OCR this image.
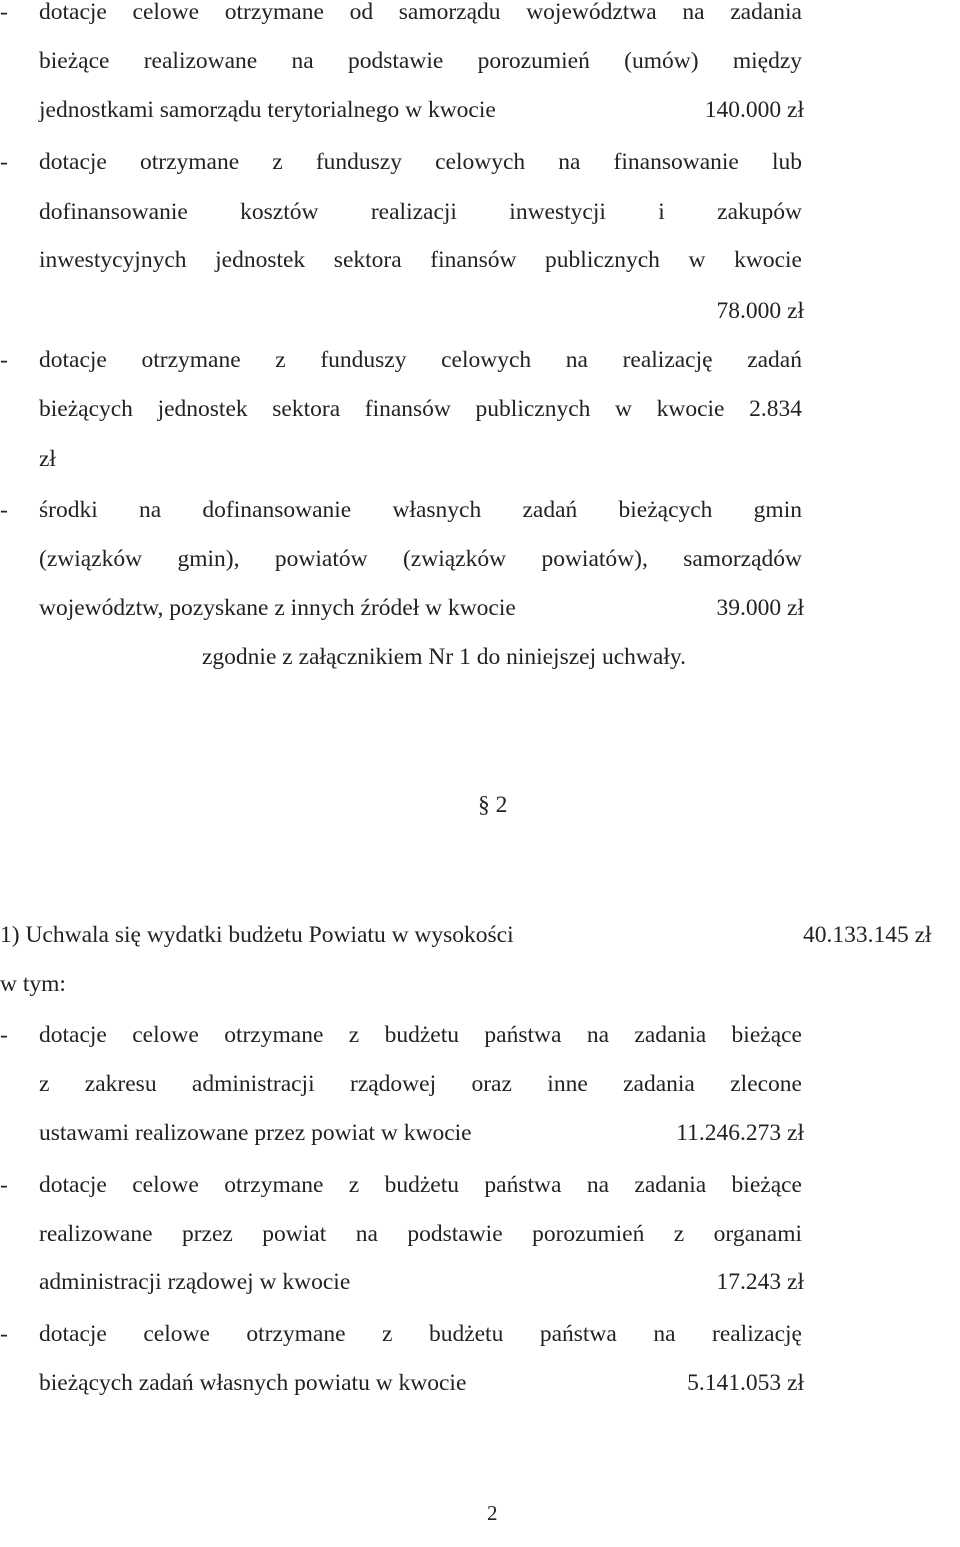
- dotacje celowe otrzymane od samorządu województwa na zadania
bieżące realizowane na podstawie porozumień (umów) między
jednostkami samorządu terytorialnego w kwocie	140.000 zł
- dotacje otrzymane z funduszy celowych na finansowanie lub
dofinansowanie kosztów realizacji inwestycji i zakupów
inwestycyjnych jednostek sektora finansów publicznych w kwocie
78.000 zł
- dotacje otrzymane z funduszy celowych na realizację zadań
bieżących jednostek sektora finansów publicznych w kwocie 2.834
zł
- środki na dofinansowanie własnych zadań bieżących gmin
(związków gmin), powiatów (związków powiatów), samorządów
województw, pozyskane z innych źródeł w kwocie	39.000 zł
zgodnie z załącznikiem Nr 1 do niniejszej uchwały.
§ 2
1) Uchwala się wydatki budżetu Powiatu w wysokości	40.133.145 zł
w tym:
- dotacje celowe otrzymane z budżetu państwa na zadania bieżące
z zakresu administracji rządowej oraz inne zadania zlecone
ustawami realizowane przez powiat w kwocie	11.246.273 zł
- dotacje celowe otrzymane z budżetu państwa na zadania bieżące
realizowane przez powiat na podstawie porozumień z organami
administracji rządowej w kwocie	17.243 zł
- dotacje celowe otrzymane z budżetu państwa na realizację
bieżących zadań własnych powiatu w kwocie	5.141.053 zł
2
